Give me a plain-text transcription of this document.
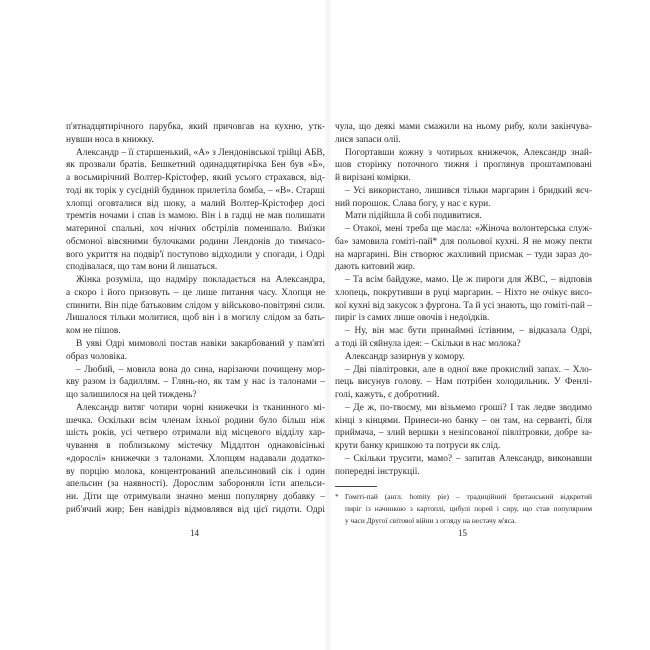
п'ятнадцятирічного парубка, який причовгав на кухню, утк-
нувши носа в книжку.
Александр – її старшенький, «А» з Лендонівської трійці АБВ,
як прозвали братів. Бешкетний одинадцятирічка Бен був «Б»,
а восьмирічний Волтер-Крістофер, який усього страхався, від-
тоді як торік у сусідній будинок прилетіла бомба, – «В». Старші
хлопці оговталися від шоку, а малий Волтер-Крістофер досі
тремтів ночами і спав із мамою. Він і в гадці не мав полишати
материної спальні, хоч нічних обстрілів поменшало. Виїзки
обсмоної вівсяними булочками родини Лендонів до тимчасо-
вого укриття на подвір'ї поступово відходили у спогади, і Одрі
сподівалася, що там вони й лишаться.
Жінка розуміла, що надміру покладається на Александра,
а скоро і його призовуть – це лише питання часу. Хлопця не
спинити. Він піде батьковим слідом у військово-повітряні сили.
Лишалося тільки молитися, щоб він і в могилу слідом за бать-
ком не пішов.
В уяві Одрі мимоволі постав навіки закарбований у пам'яті
образ чоловіка.
– Любий, – мовила вона до сина, нарізаючи почищену мор-
кву разом із бадиллям. – Глянь-но, як там у нас із талонами –
що залишилося на цей тиждень?
Александр витяг чотири чорні книжечки із тканинного мі-
шечка. Оскільки всім членам їхньої родини було більш ніж
шість років, усі четверо отримали від місцевого відділу хар-
чування в поблизькому містечку Міддлтон однаковісінькі
«дорослі» книжечки з талонами. Хлопцям надавали додатко-
ву порцію молока, концентрований апельсиновий сік і один
апельсин (за наявності). Дорослим забороняли їсти апельси-
ни. Діти ще отримували значно менш популярну добавку –
риб'ячий жир; Бен навідріз відмовлявся від цієї гидоти. Одрі
чула, що деякі мами смажили на ньому рибу, коли закінчува-
лися запаси олії.
Погортавши кожну з чотирьох книжечок, Александр знай-
шов сторінку поточного тижня і проглянув проштамповані
й вирізані комірки.
– Усі використано, лишився тільки маргарин і бридкий яєч-
ний порошок. Слава богу, у нас є кури.
Мати підійшла й собі подивитися.
– Отакої, мені треба ще масла: «Жіноча волонтерська служ-
ба» замовила гоміті-пай* для польової кухні. Я не можу пекти
на маргарині. Він створює жахливий присмак – туди зараз до-
дають китовий жир.
– Та всім байдуже, мамо. Це ж пироги для ЖВС, – відповів
хлопець, покрутивши в руці маргарин. – Ніхто не очікує висо-
кої кухні від закусок з фургона. Та й усі знають, що гоміті-пай –
пиріг із самих лише овочів і недоїдків.
– Ну, він має бути принаймні їстівним, – відказала Одрі,
а тоді їй сяйнула ідея: – Скільки в нас молока?
Александр зазирнув у комору.
– Дві півлітровки, але в одної вже прокислий запах. – Хло-
пець висунув голову. – Нам потрібен холодильник. У Фенлі-
голі, кажуть, є добротний.
– Де ж, по-твоєму, ми візьмемо гроші? І так ледве зводимо
кінці з кінцями. Принеси-но банку – он там, на серванті, біля
приймача, – злий вершки з незіпсованої півлітровки, добре за-
крути банку кришкою та потруси як слід.
– Скільки трусити, мамо? – запитав Александр, виконавши
попередні інструкції.
14	15
* Гоміті-пай (англ. homity pie) – традиційний британський відкритий
пиріг із начинкою з картоплі, цибулі порей і сиру, що став популярним
у часи Другої світової війни з огляду на нестачу м'яса.
